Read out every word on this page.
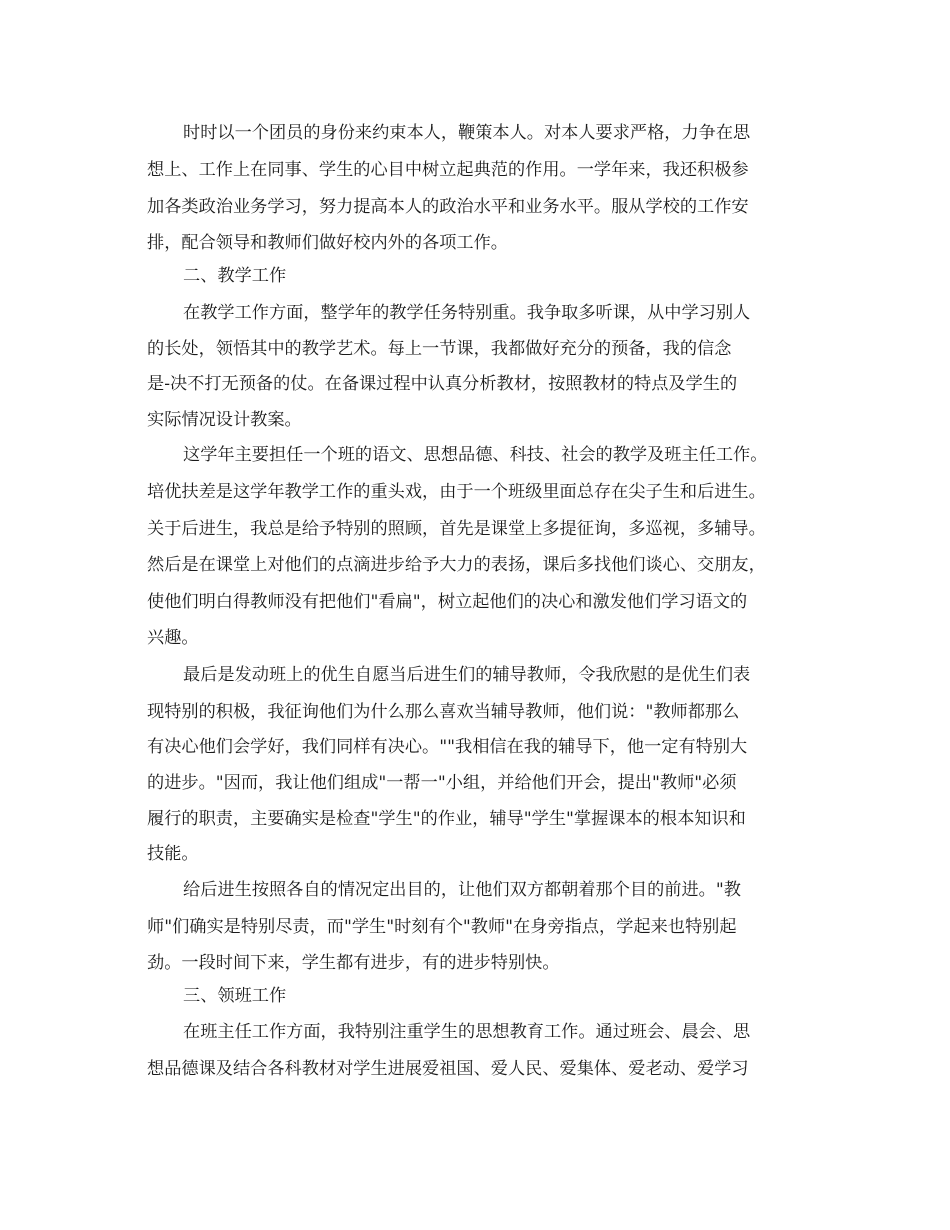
时时以一个团员的身份来约束本人，鞭策本人。对本人要求严格，力争在思
想上、工作上在同事、学生的心目中树立起典范的作用。一学年来，我还积极参
加各类政治业务学习，努力提高本人的政治水平和业务水平。服从学校的工作安
排，配合领导和教师们做好校内外的各项工作。
二、教学工作
在教学工作方面，整学年的教学任务特别重。我争取多听课，从中学习别人
的长处，领悟其中的教学艺术。每上一节课，我都做好充分的预备，我的信念
是-决不打无预备的仗。在备课过程中认真分析教材，按照教材的特点及学生的
实际情况设计教案。
这学年主要担任一个班的语文、思想品德、科技、社会的教学及班主任工作。
培优扶差是这学年教学工作的重头戏，由于一个班级里面总存在尖子生和后进生。
关于后进生，我总是给予特别的照顾，首先是课堂上多提征询，多巡视，多辅导。
然后是在课堂上对他们的点滴进步给予大力的表扬，课后多找他们谈心、交朋友，
使他们明白得教师没有把他们"看扁"，树立起他们的决心和激发他们学习语文的
兴趣。
最后是发动班上的优生自愿当后进生们的辅导教师，令我欣慰的是优生们表
现特别的积极，我征询他们为什么那么喜欢当辅导教师，他们说："教师都那么
有决心他们会学好，我们同样有决心。""我相信在我的辅导下，他一定有特别大
的进步。"因而，我让他们组成"一帮一"小组，并给他们开会，提出"教师"必须
履行的职责，主要确实是检查"学生"的作业，辅导"学生"掌握课本的根本知识和
技能。
给后进生按照各自的情况定出目的，让他们双方都朝着那个目的前进。"教
师"们确实是特别尽责，而"学生"时刻有个"教师"在身旁指点，学起来也特别起
劲。一段时间下来，学生都有进步，有的进步特别快。
三、领班工作
在班主任工作方面，我特别注重学生的思想教育工作。通过班会、晨会、思
想品德课及结合各科教材对学生进展爱祖国、爱人民、爱集体、爱老动、爱学习
